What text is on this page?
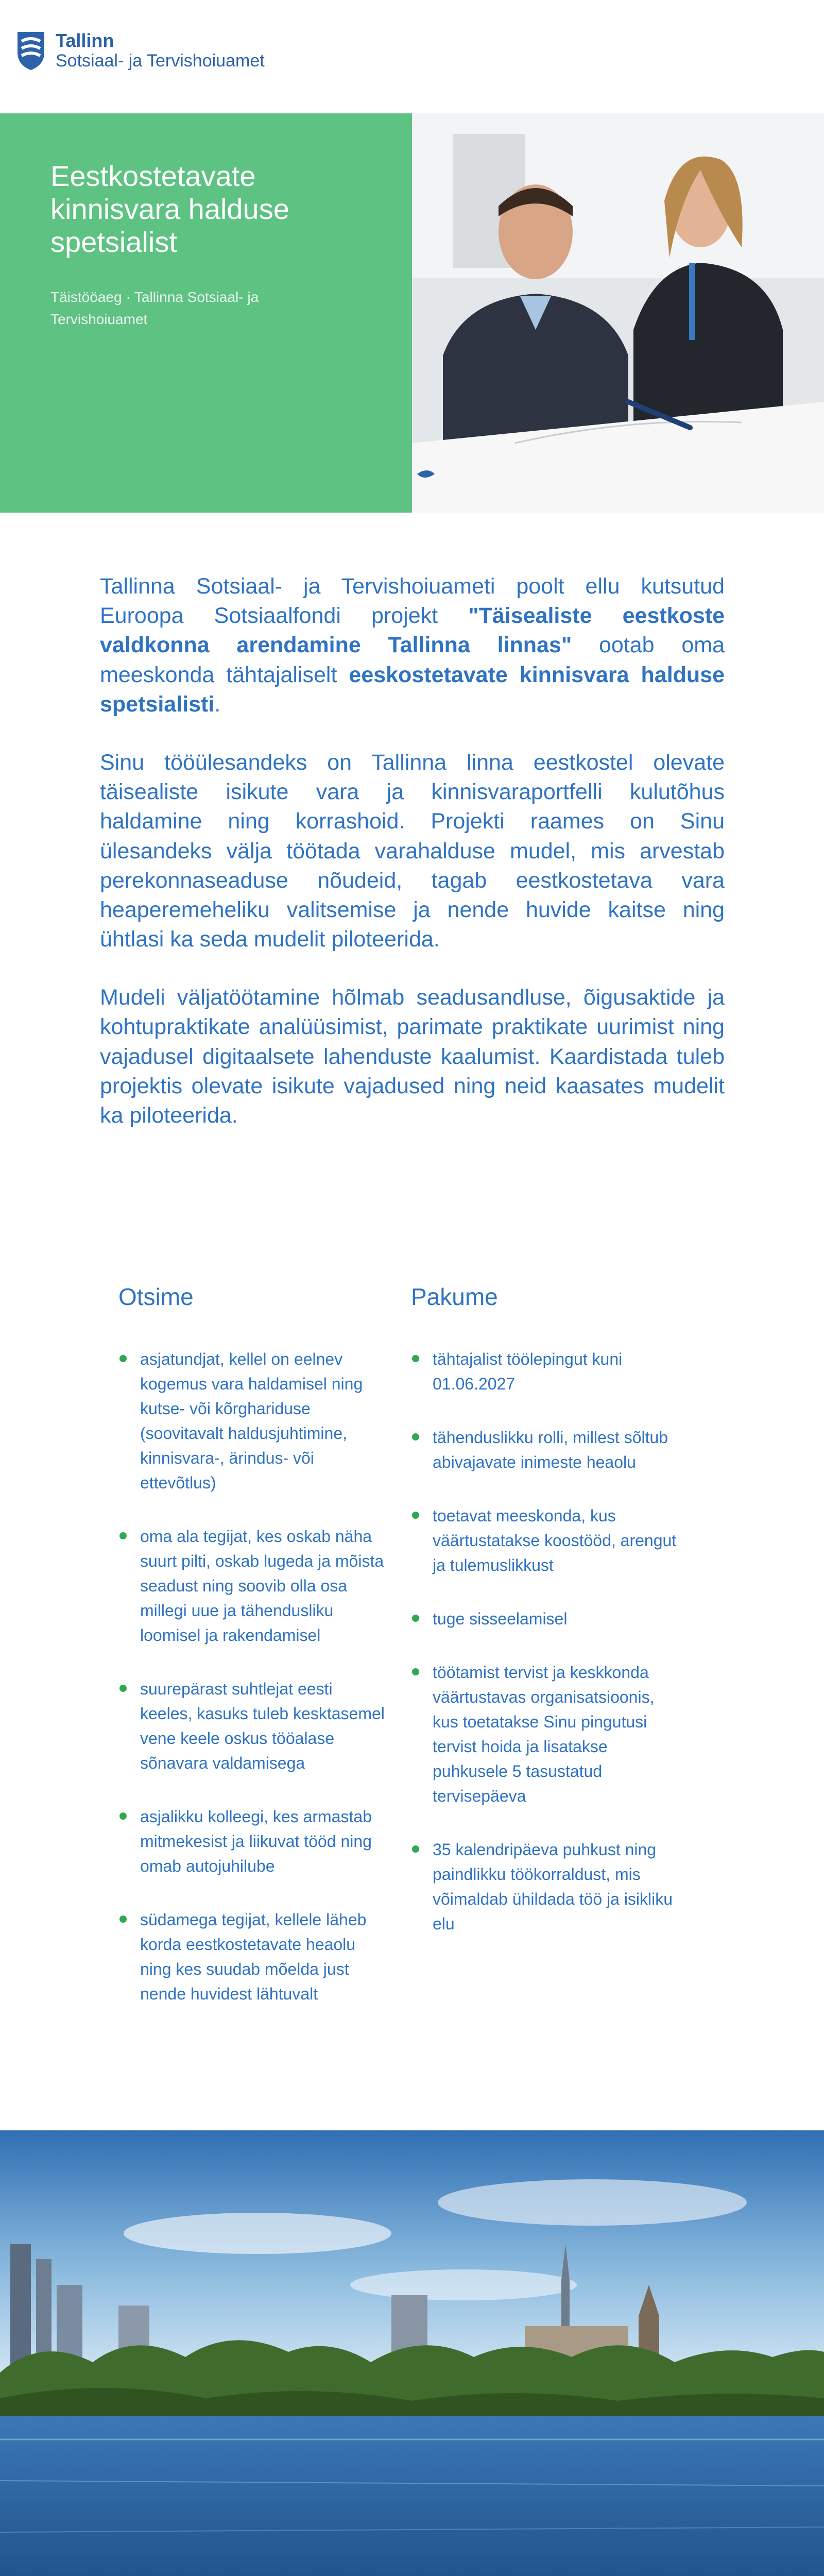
Tallinn
Sotsiaal- ja Tervishoiuamet
Eestkostetavate kinnisvara halduse spetsialist
Täistööaeg · Tallinna Sotsiaal- ja Tervishoiuamet

Tallinna Sotsiaal- ja Tervishoiuameti poolt ellu kutsutud Euroopa Sotsiaalfondi projekt "Täisealiste eestkoste valdkonna arendamine Tallinna linnas" ootab oma meeskonda tähtajaliselt eeskostetavate kinnisvara halduse spetsialisti.

Sinu tööülesandeks on Tallinna linna eestkostel olevate täisealiste isikute vara ja kinnisvaraportfelli kulutõhus haldamine ning korrashoid. Projekti raames on Sinu ülesandeks välja töötada varahalduse mudel, mis arvestab perekonnaseaduse nõudeid, tagab eestkostetava vara heaperemeheliku valitsemise ja nende huvide kaitse ning ühtlasi ka seda mudelit piloteerida.

Mudeli väljatöötamine hõlmab seadusandluse, õigusaktide ja kohtupraktikate analüüsimist, parimate praktikate uurimist ning vajadusel digitaalsete lahenduste kaalumist. Kaardistada tuleb projektis olevate isikute vajadused ning neid kaasates mudelit ka piloteerida.

Otsime
asjatundjat, kellel on eelnev kogemus vara haldamisel ning kutse- või kõrghariduse (soovitavalt haldusjuhtimine, kinnisvara-, ärindus- või ettevõtlus)
oma ala tegijat, kes oskab näha suurt pilti, oskab lugeda ja mõista seadust ning soovib olla osa millegi uue ja tähendusliku loomisel ja rakendamisel
suurepärast suhtlejat eesti keeles, kasuks tuleb kesktasemel vene keele oskus tööalase sõnavara valdamisega
asjalikku kolleegi, kes armastab mitmekesist ja liikuvat tööd ning omab autojuhilube
südamega tegijat, kellele läheb korda eestkostetavate heaolu ning kes suudab mõelda just nende huvidest lähtuvalt
Pakume
tähtajalist töölepingut kuni 01.06.2027
tähenduslikku rolli, millest sõltub abivajavate inimeste heaolu
toetavat meeskonda, kus väärtustatakse koostööd, arengut ja tulemuslikkust
tuge sisseelamisel
töötamist tervist ja keskkonda väärtustavas organisatsioonis, kus toetatakse Sinu pingutusi tervist hoida ja lisatakse puhkusele 5 tasustatud tervisepäeva
35 kalendripäeva puhkust ning paindlikku töökorraldust, mis võimaldab ühildada töö ja isikliku elu
